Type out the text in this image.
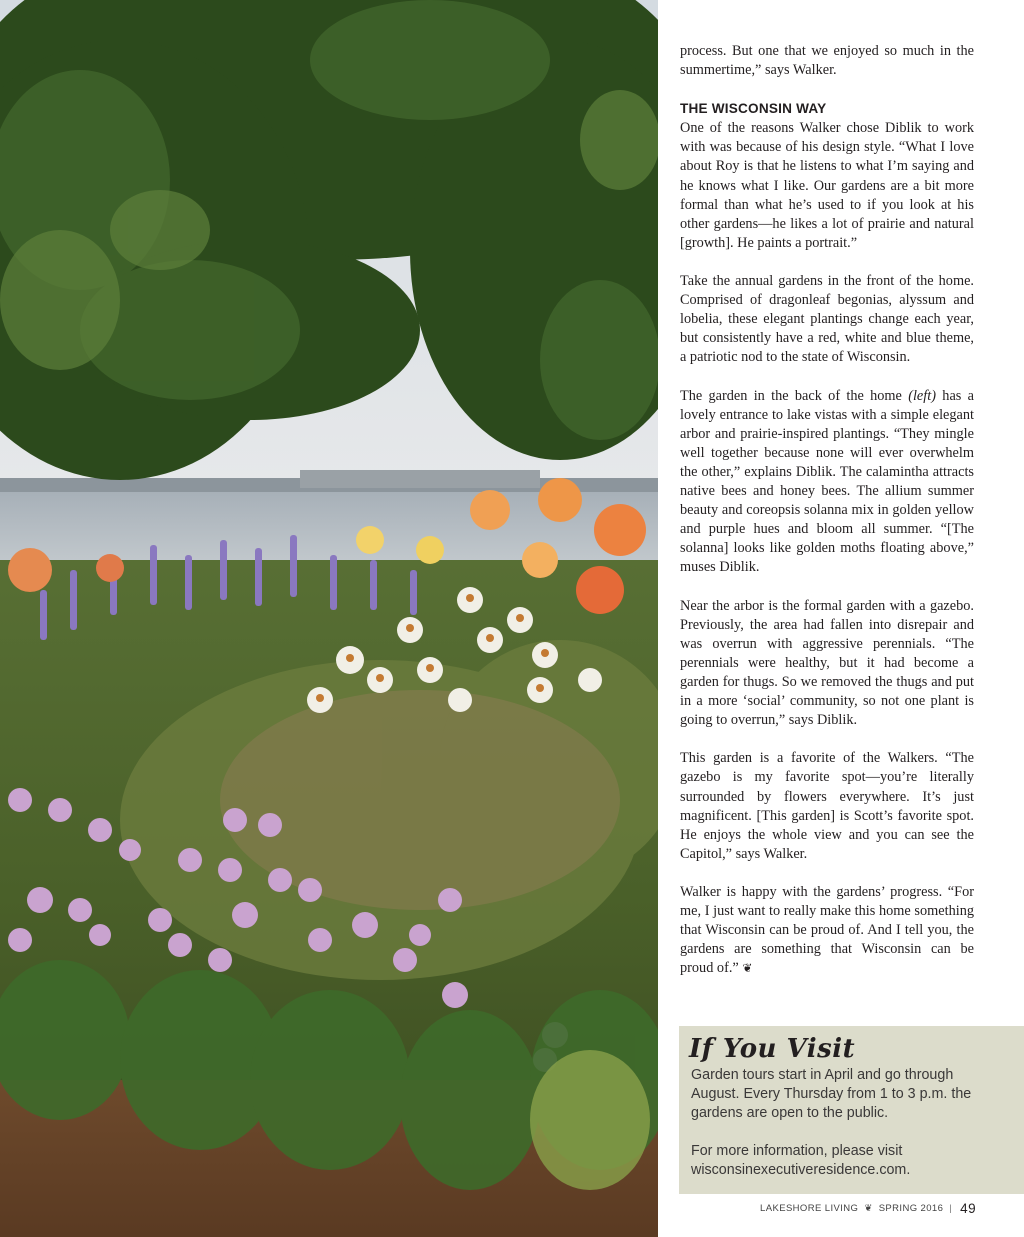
process. But one that we enjoyed so much in the summertime,” says Walker.

THE WISCONSIN WAY

One of the reasons Walker chose Diblik to work with was because of his design style. “What I love about Roy is that he listens to what I’m saying and he knows what I like. Our gardens are a bit more formal than what he’s used to if you look at his other gardens—he likes a lot of prairie and natural [growth]. He paints a portrait.”

Take the annual gardens in the front of the home. Comprised of dragonleaf begonias, alyssum and lobelia, these elegant plantings change each year, but consistently have a red, white and blue theme, a patriotic nod to the state of Wisconsin.

The garden in the back of the home (left) has a lovely entrance to lake vistas with a simple elegant arbor and prairie-inspired plantings. “They mingle well together because none will ever overwhelm the other,” explains Diblik. The calamintha attracts native bees and honey bees. The allium summer beauty and coreopsis solanna mix in golden yellow and purple hues and bloom all summer. “[The solanna] looks like golden moths floating above,” muses Diblik.

Near the arbor is the formal garden with a gazebo. Previously, the area had fallen into disrepair and was overrun with aggressive perennials. “The perennials were healthy, but it had become a garden for thugs. So we removed the thugs and put in a more ‘social’ community, so not one plant is going to overrun,” says Diblik.

This garden is a favorite of the Walkers. “The gazebo is my favorite spot—you’re literally surrounded by flowers everywhere. It’s just magnificent. [This garden] is Scott’s favorite spot. He enjoys the whole view and you can see the Capitol,” says Walker.

Walker is happy with the gardens’ progress. “For me, I just want to really make this home something that Wisconsin can be proud of. And I tell you, the gardens are something that Wisconsin can be proud of.” ❦

If You Visit

Garden tours start in April and go through August. Every Thursday from 1 to 3 p.m. the gardens are open to the public.

For more information, please visit wisconsinexecutiveresidence.com.

LAKESHORE LIVING ❦ SPRING 2016 | 49
